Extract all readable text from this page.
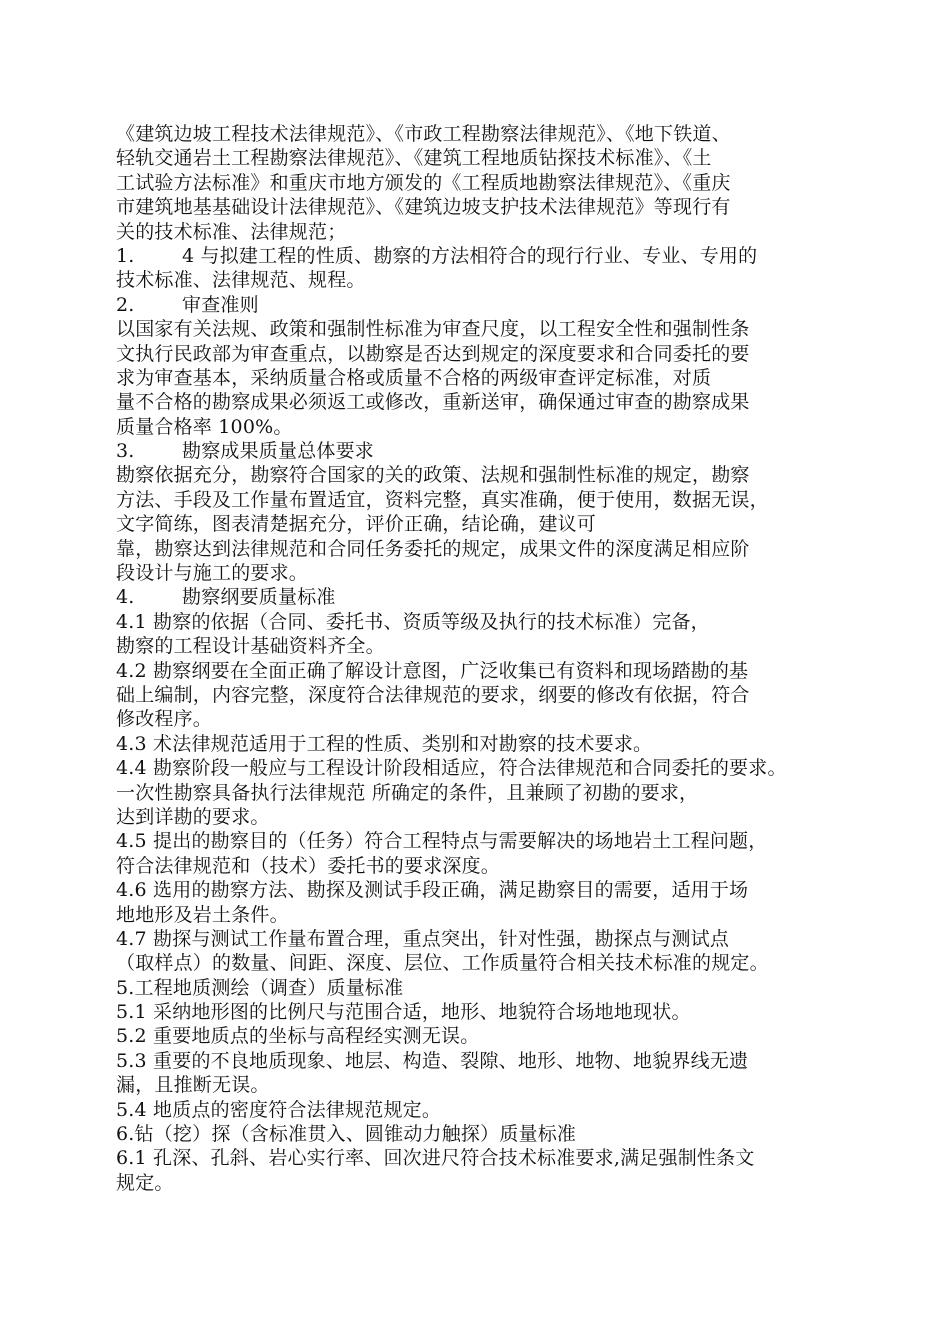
《建筑边坡工程技术法律规范》、《市政工程勘察法律规范》、《地下铁道、
轻轨交通岩土工程勘察法律规范》、《建筑工程地质钻探技术标准》、《土
工试验方法标准》和重庆市地方颁发的《工程质地勘察法律规范》、《重庆
市建筑地基基础设计法律规范》、《建筑边坡支护技术法律规范》等现行有
关的技术标准、法律规范；
1. 4 与拟建工程的性质、勘察的方法相符合的现行行业、专业、专用的
技术标准、法律规范、规程。
2. 审查准则
以国家有关法规、政策和强制性标准为审查尺度，以工程安全性和强制性条
文执行民政部为审查重点，以勘察是否达到规定的深度要求和合同委托的要
求为审查基本，采纳质量合格或质量不合格的两级审查评定标准，对质
量不合格的勘察成果必须返工或修改，重新送审，确保通过审查的勘察成果
质量合格率 100%。
3. 勘察成果质量总体要求
勘察依据充分，勘察符合国家的关的政策、法规和强制性标准的规定，勘察
方法、手段及工作量布置适宜，资料完整，真实准确，便于使用，数据无误，
文字简练，图表清楚据充分，评价正确，结论确，建议可
靠，勘察达到法律规范和合同任务委托的规定，成果文件的深度满足相应阶
段设计与施工的要求。
4. 勘察纲要质量标准
4.1 勘察的依据（合同、委托书、资质等级及执行的技术标准）完备，
勘察的工程设计基础资料齐全。
4.2 勘察纲要在全面正确了解设计意图，广泛收集已有资料和现场踏勘的基
础上编制，内容完整，深度符合法律规范的要求，纲要的修改有依据，符合
修改程序。
4.3 术法律规范适用于工程的性质、类别和对勘察的技术要求。
4.4 勘察阶段一般应与工程设计阶段相适应，符合法律规范和合同委托的要求。
一次性勘察具备执行法律规范 所确定的条件，且兼顾了初勘的要求，
达到详勘的要求。
4.5 提出的勘察目的（任务）符合工程特点与需要解决的场地岩土工程问题，
符合法律规范和（技术）委托书的要求深度。
4.6 选用的勘察方法、勘探及测试手段正确，满足勘察目的需要，适用于场
地地形及岩土条件。
4.7 勘探与测试工作量布置合理，重点突出，针对性强，勘探点与测试点
（取样点）的数量、间距、深度、层位、工作质量符合相关技术标准的规定。
5.工程地质测绘（调查）质量标准
5.1 采纳地形图的比例尺与范围合适，地形、地貌符合场地地现状。
5.2 重要地质点的坐标与高程经实测无误。
5.3 重要的不良地质现象、地层、构造、裂隙、地形、地物、地貌界线无遗
漏，且推断无误。
5.4 地质点的密度符合法律规范规定。
6.钻（挖）探（含标准贯入、圆锥动力触探）质量标准
6.1 孔深、孔斜、岩心实行率、回次进尺符合技术标准要求,满足强制性条文
规定。
